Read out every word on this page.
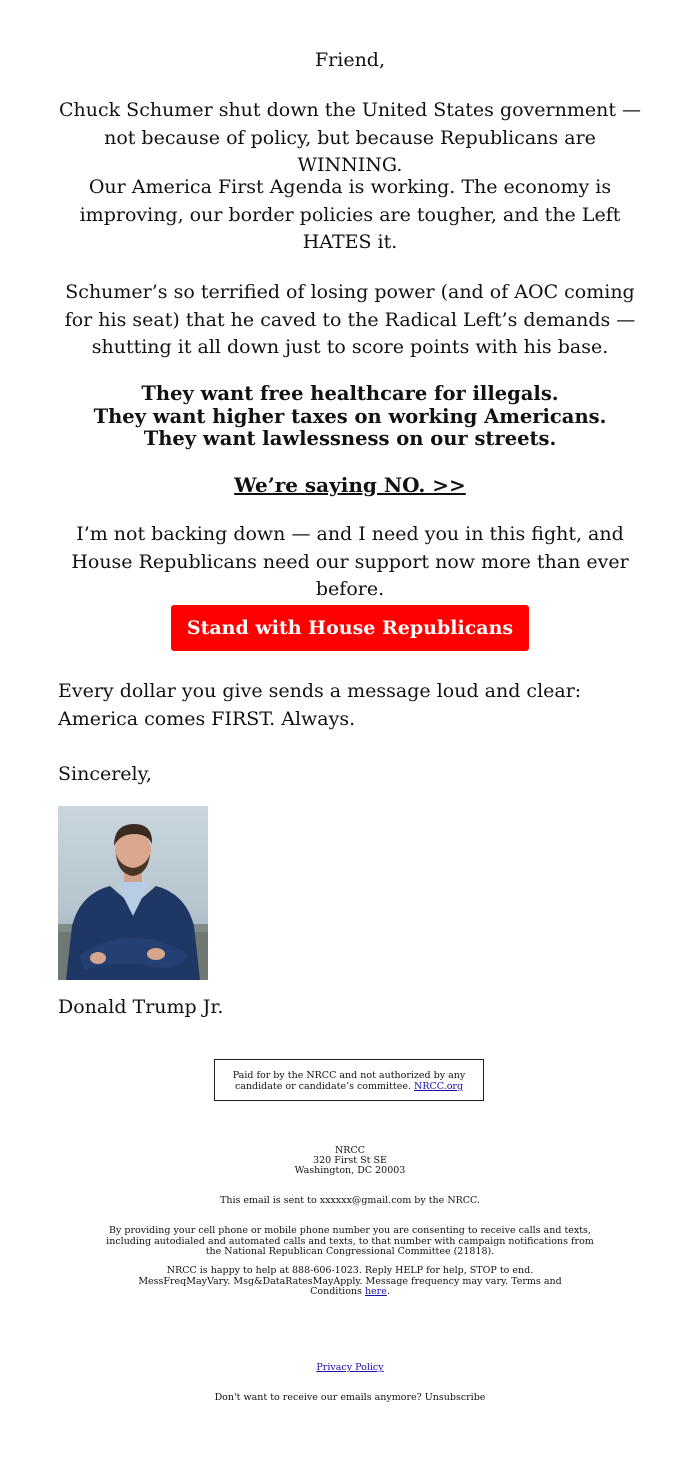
Friend,

Chuck Schumer shut down the United States government — not because of policy, but because Republicans are WINNING.

Our America First Agenda is working. The economy is improving, our border policies are tougher, and the Left HATES it.

Schumer’s so terrified of losing power (and of AOC coming for his seat) that he caved to the Radical Left’s demands — shutting it all down just to score points with his base.

They want free healthcare for illegals.
They want higher taxes on working Americans.
They want lawlessness on our streets.
We’re saying NO. >>

I’m not backing down — and I need you in this fight, and House Republicans need our support now more than ever before.

Stand with House Republicans

Every dollar you give sends a message loud and clear: America comes FIRST. Always.

Sincerely,

Donald Trump Jr.

Paid for by the NRCC and not authorized by any candidate or candidate’s committee. NRCC.org
NRCC
320 First St SE
Washington, DC 20003
This email is sent to xxxxxx@gmail.com by the NRCC.
By providing your cell phone or mobile phone number you are consenting to receive calls and texts, including autodialed and automated calls and texts, to that number with campaign notifications from the National Republican Congressional Committee (21818).
NRCC is happy to help at 888-606-1023. Reply HELP for help, STOP to end. MessFreqMayVary. Msg&DataRatesMayApply. Message frequency may vary. Terms and Conditions here.
Privacy Policy
Don't want to receive our emails anymore? Unsubscribe
